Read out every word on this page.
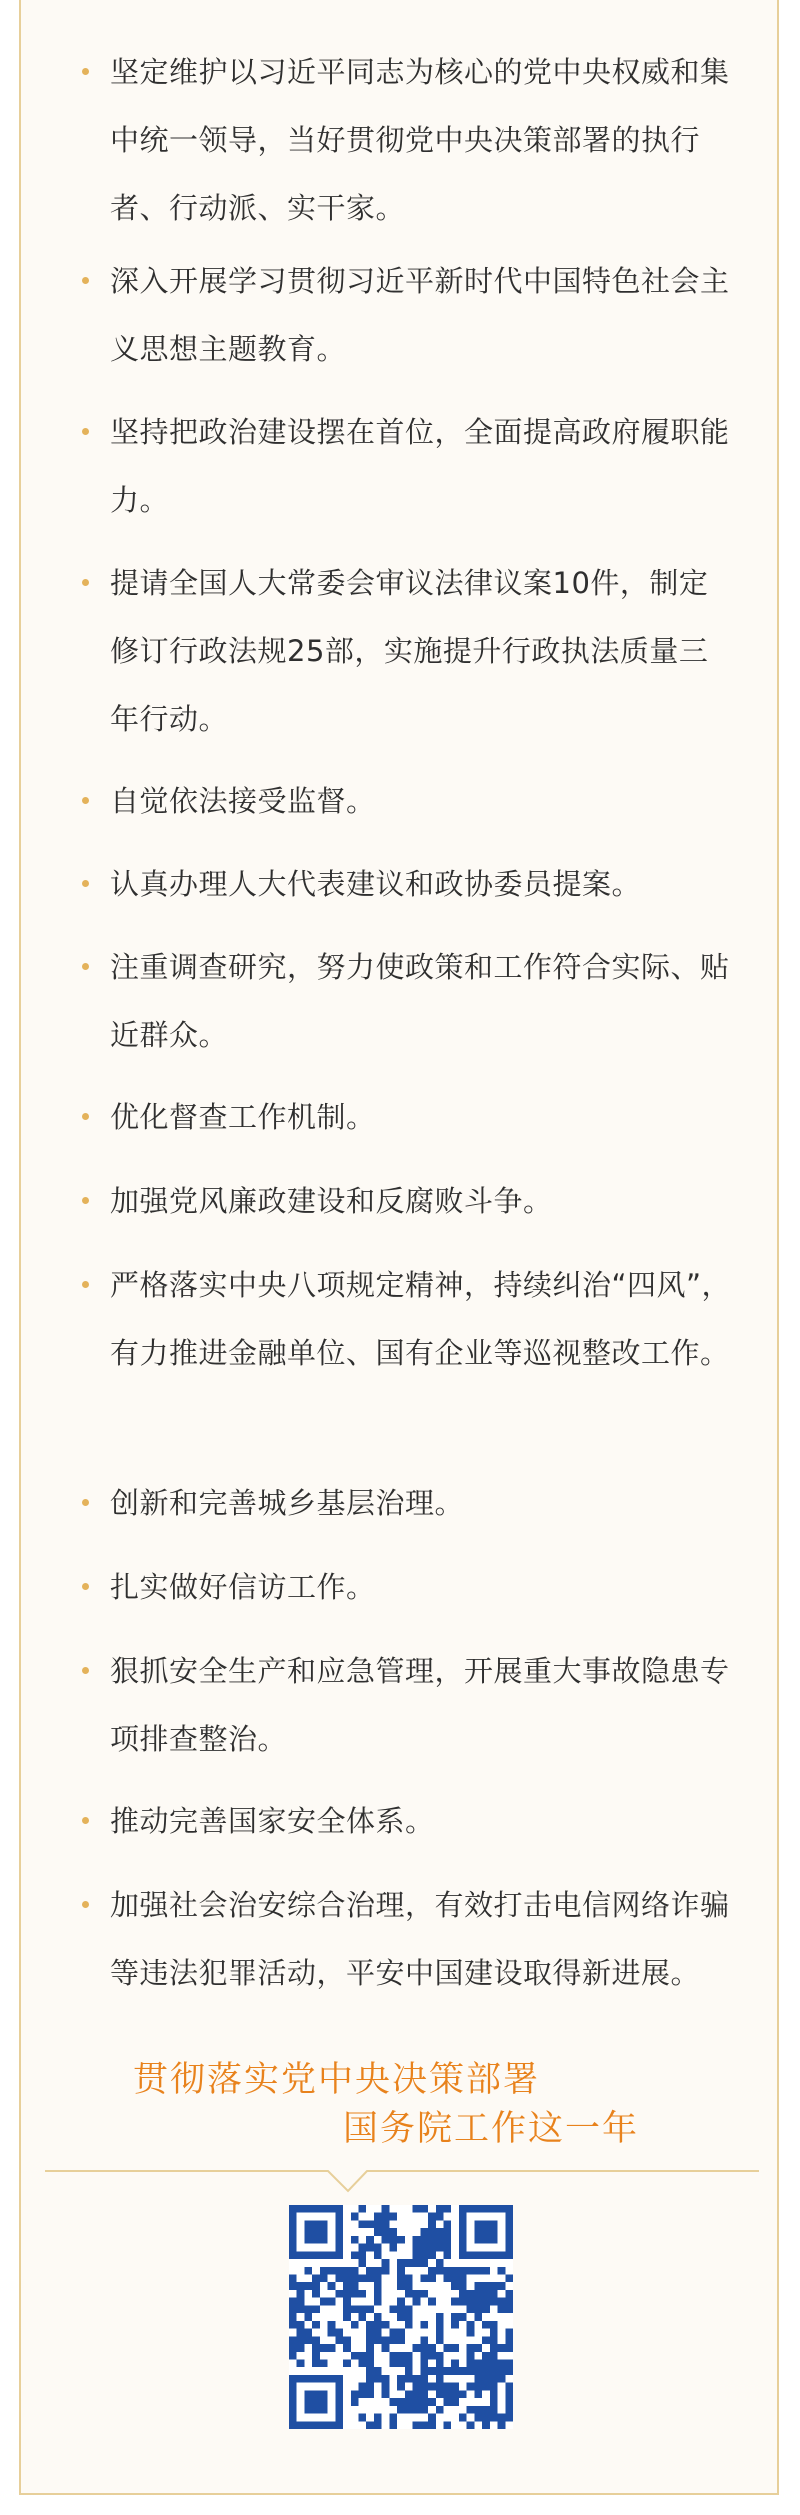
坚定维护以习近平同志为核心的党中央权威和集中统一领导，当好贯彻党中央决策部署的执行者、行动派、实干家。
深入开展学习贯彻习近平新时代中国特色社会主义思想主题教育。
坚持把政治建设摆在首位，全面提高政府履职能力。
提请全国人大常委会审议法律议案10件，制定修订行政法规25部，实施提升行政执法质量三年行动。
自觉依法接受监督。
认真办理人大代表建议和政协委员提案。
注重调查研究，努力使政策和工作符合实际、贴近群众。
优化督查工作机制。
加强党风廉政建设和反腐败斗争。
严格落实中央八项规定精神，持续纠治“四风”，有力推进金融单位、国有企业等巡视整改工作。
创新和完善城乡基层治理。
扎实做好信访工作。
狠抓安全生产和应急管理，开展重大事故隐患专项排查整治。
推动完善国家安全体系。
加强社会治安综合治理，有效打击电信网络诈骗等违法犯罪活动，平安中国建设取得新进展。
贯彻落实党中央决策部署
国务院工作这一年
